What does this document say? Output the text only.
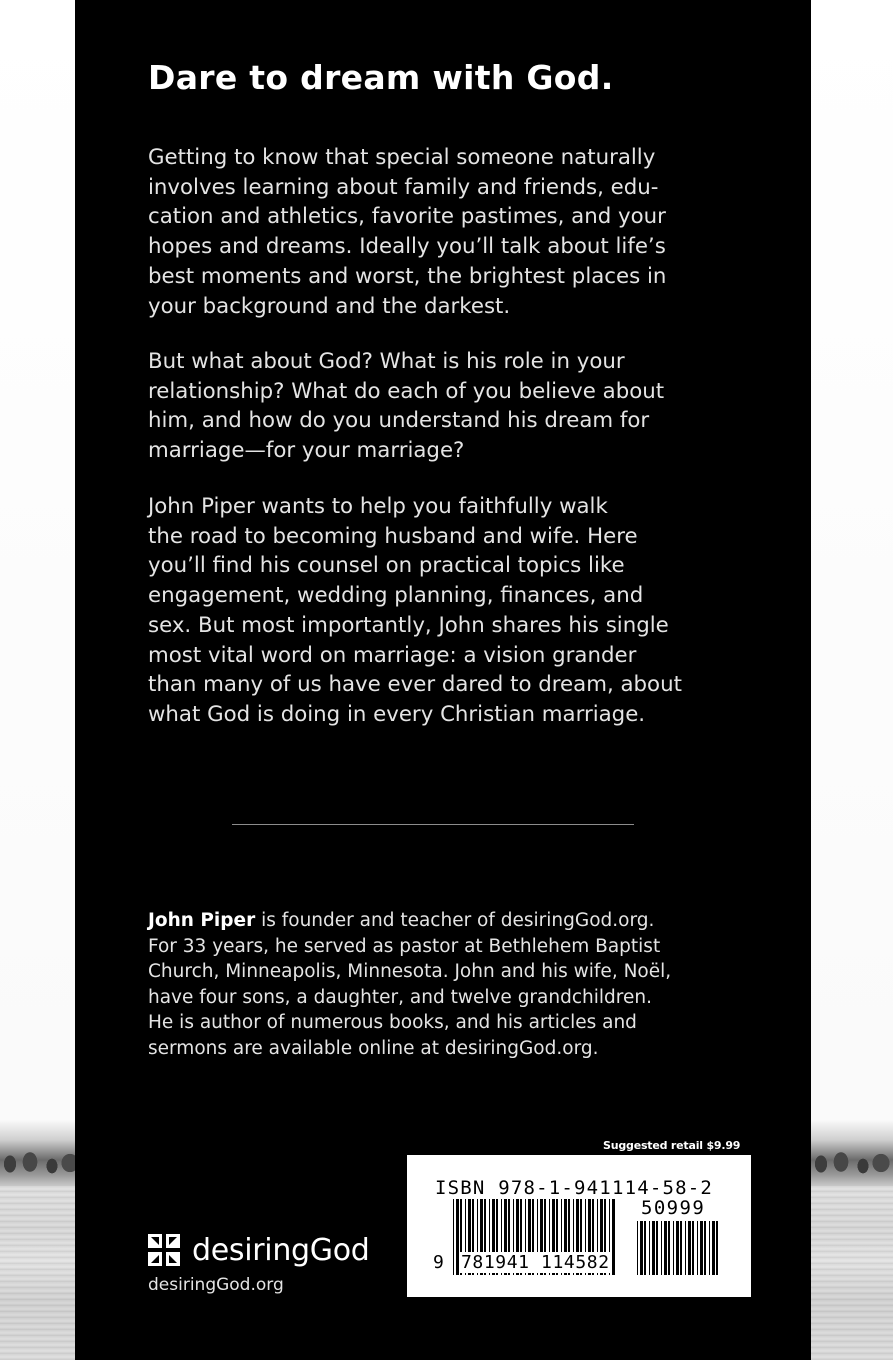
Dare to dream with God.

Getting to know that special someone naturally
involves learning about family and friends, edu-
cation and athletics, favorite pastimes, and your
hopes and dreams. Ideally you’ll talk about life’s
best moments and worst, the brightest places in
your background and the darkest.

But what about God? What is his role in your
relationship? What do each of you believe about
him, and how do you understand his dream for
marriage—for your marriage?

John Piper wants to help you faithfully walk
the road to becoming husband and wife. Here
you’ll find his counsel on practical topics like
engagement, wedding planning, finances, and
sex. But most importantly, John shares his single
most vital word on marriage: a vision grander
than many of us have ever dared to dream, about
what God is doing in every Christian marriage.

John Piper is founder and teacher of desiringGod.org.
For 33 years, he served as pastor at Bethlehem Baptist
Church, Minneapolis, Minnesota. John and his wife, Noël,
have four sons, a daughter, and twelve grandchildren.
He is author of numerous books, and his articles and
sermons are available online at desiringGod.org.

desiringGod
desiringGod.org
Suggested retail $9.99
ISBN 978-1-941114-58-2
50999
9 781941 114582
